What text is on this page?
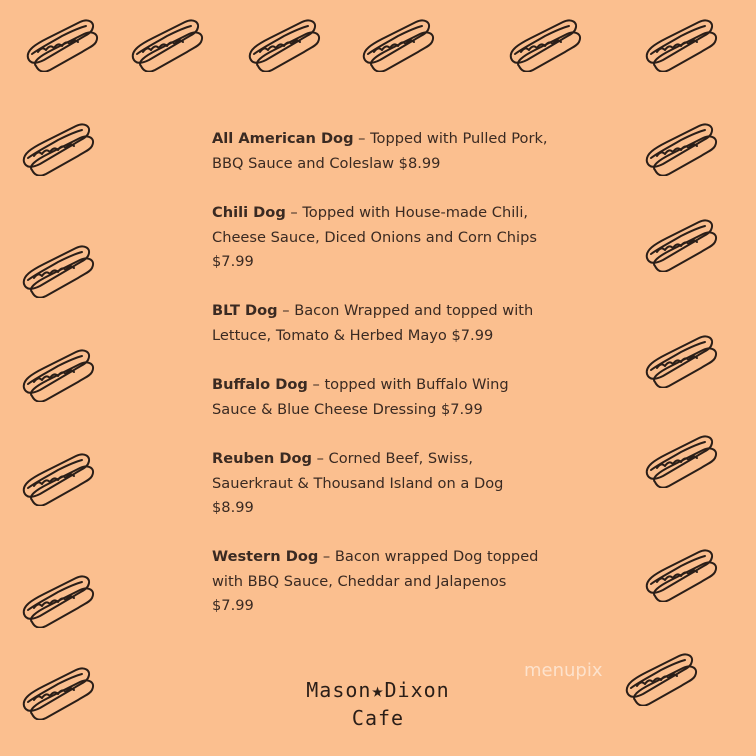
All American Dog – Topped with Pulled Pork,
BBQ Sauce and Coleslaw $8.99
Chili Dog – Topped with House-made Chili,
Cheese Sauce, Diced Onions and Corn Chips
$7.99
BLT Dog – Bacon Wrapped and topped with
Lettuce, Tomato & Herbed Mayo $7.99
Buffalo Dog – topped with Buffalo Wing
Sauce & Blue Cheese Dressing $7.99
Reuben Dog – Corned Beef, Swiss,
Sauerkraut & Thousand Island on a Dog
$8.99
Western Dog – Bacon wrapped Dog topped
with BBQ Sauce, Cheddar and Jalapenos
$7.99
menupix
Mason★Dixon
Cafe
